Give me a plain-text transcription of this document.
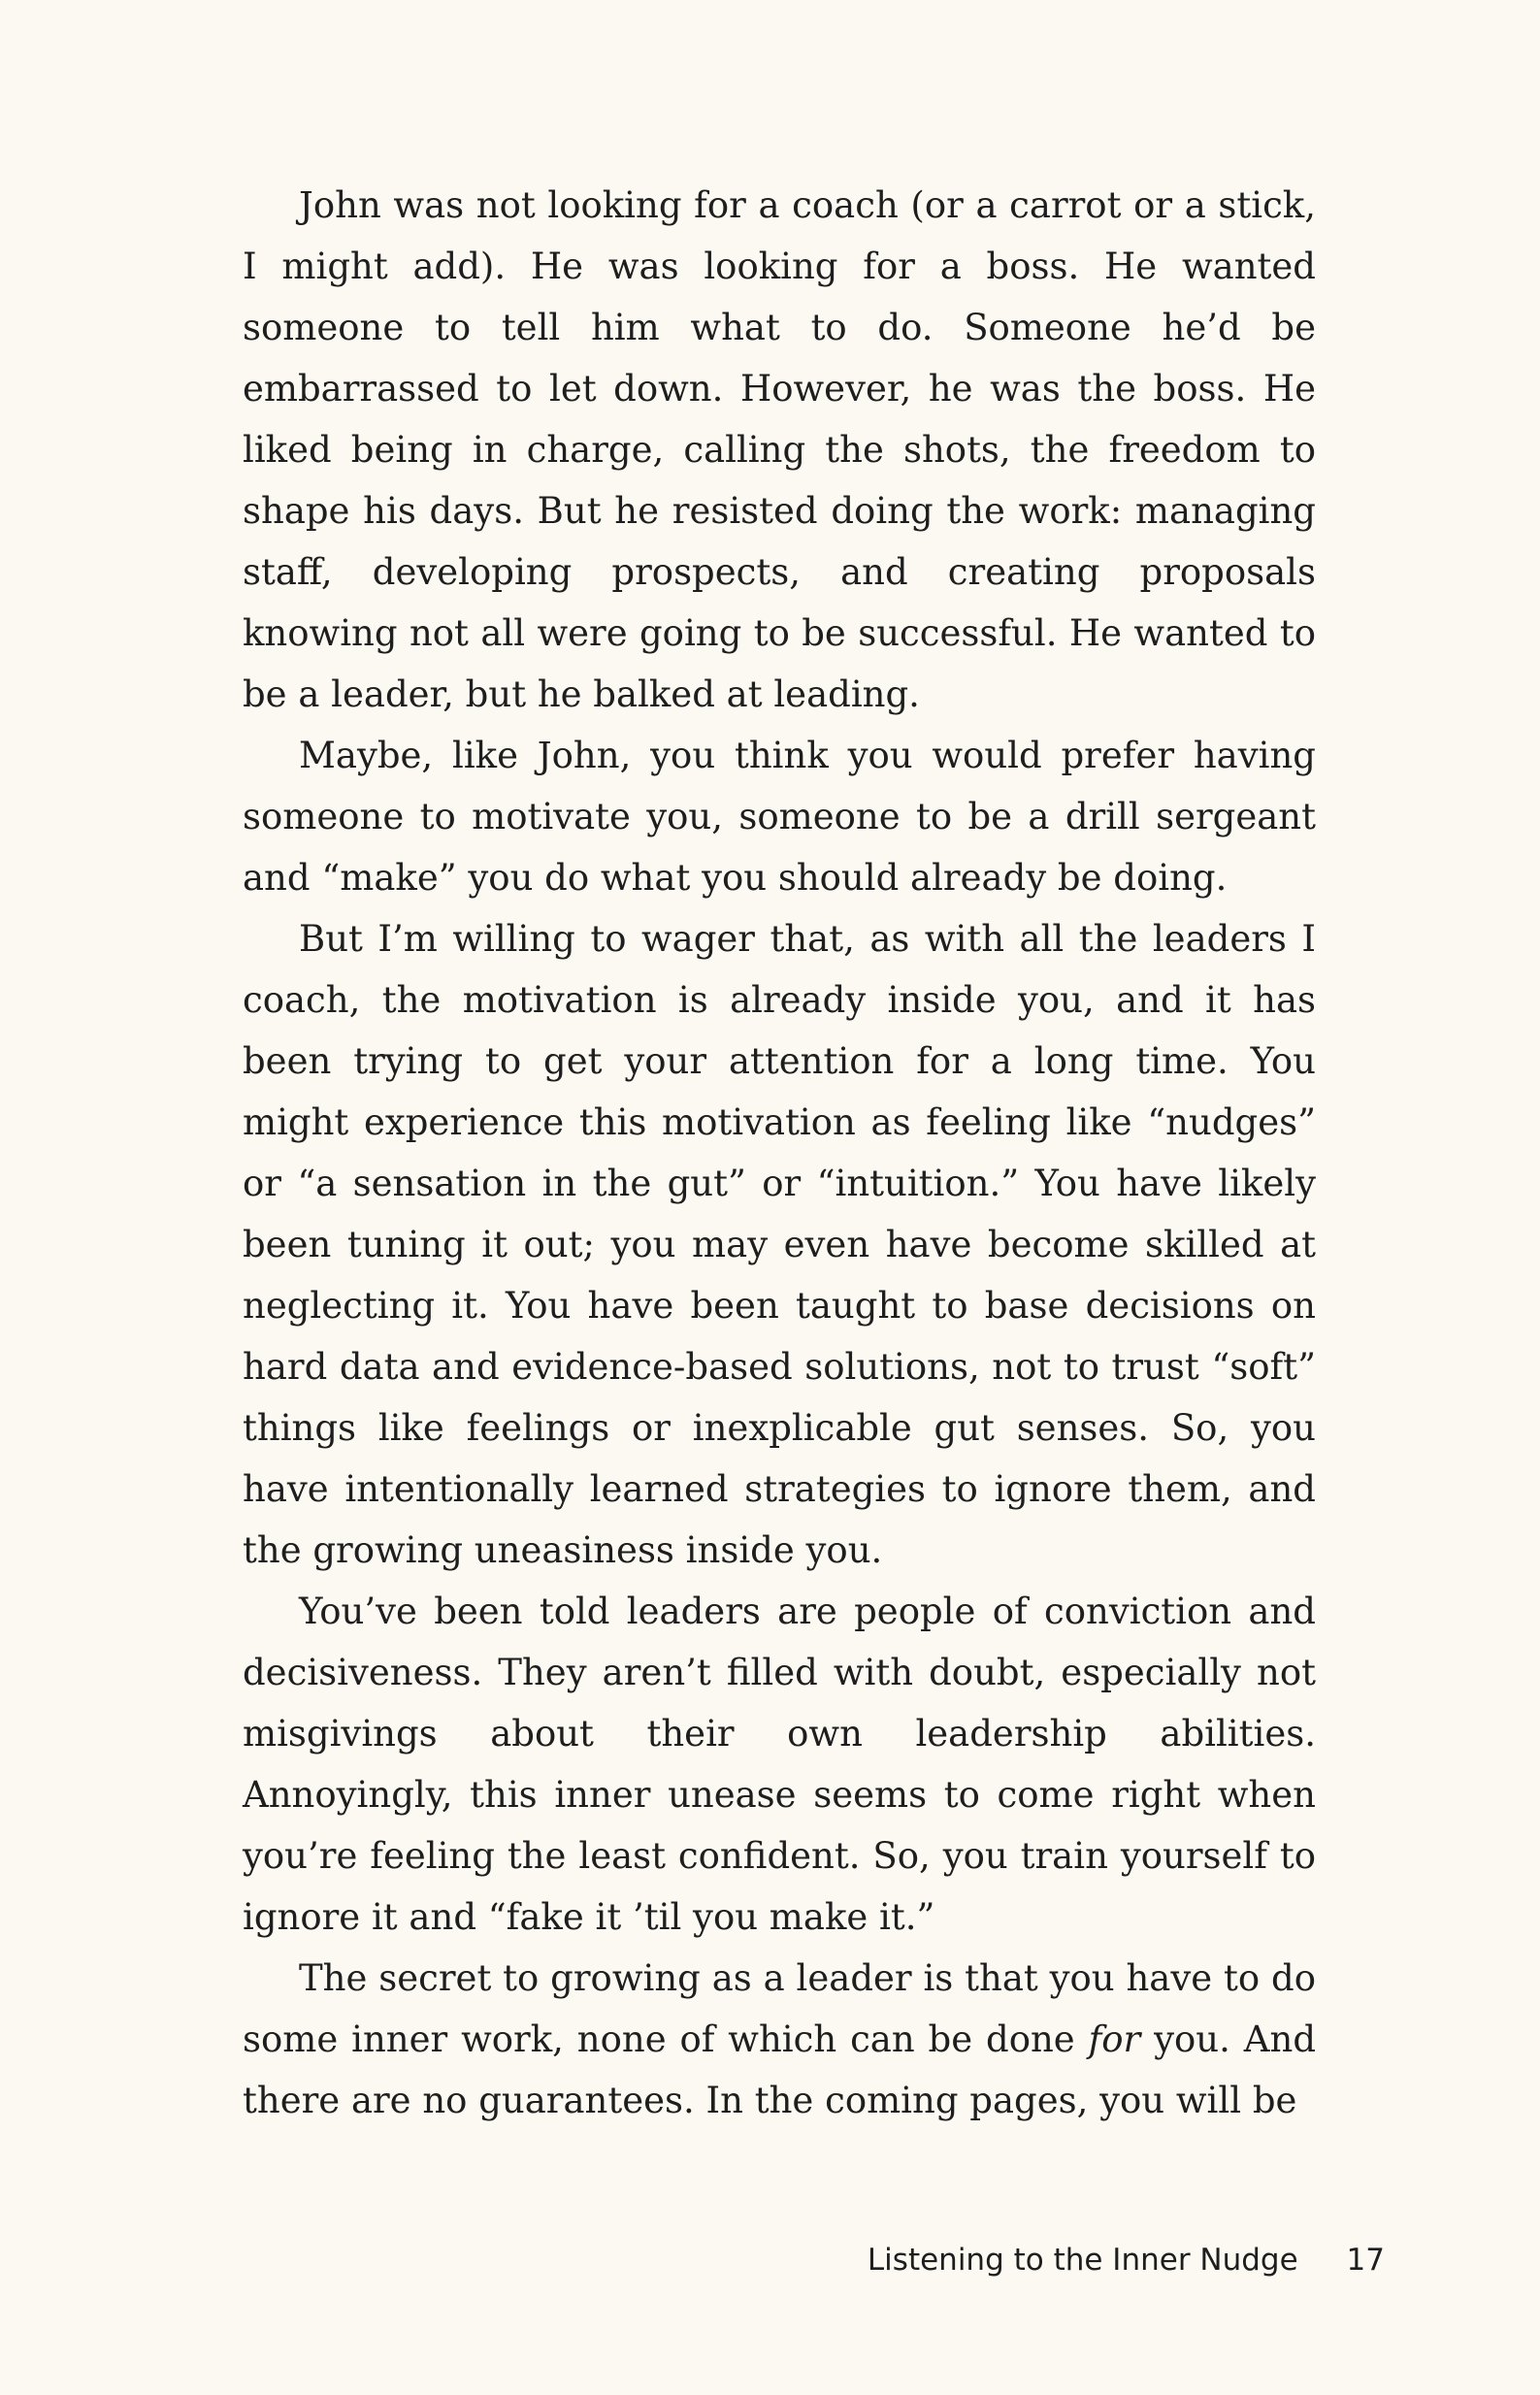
John was not looking for a coach (or a carrot or a stick, I might add). He was looking for a boss. He wanted someone to tell him what to do. Someone he’d be embarrassed to let down. However, he was the boss. He liked being in charge, calling the shots, the freedom to shape his days. But he resisted doing the work: managing staff, developing prospects, and creating proposals knowing not all were going to be successful. He wanted to be a leader, but he balked at leading.

Maybe, like John, you think you would prefer having someone to motivate you, someone to be a drill sergeant and “make” you do what you should already be doing.

But I’m willing to wager that, as with all the leaders I coach, the motivation is already inside you, and it has been trying to get your attention for a long time. You might experience this motivation as feeling like “nudges” or “a sensation in the gut” or “intuition.” You have likely been tuning it out; you may even have become skilled at neglecting it. You have been taught to base decisions on hard data and evidence-based solutions, not to trust “soft” things like feelings or inexplicable gut senses. So, you have intentionally learned strategies to ignore them, and the growing uneasiness inside you.

You’ve been told leaders are people of conviction and decisiveness. They aren’t filled with doubt, especially not misgivings about their own leadership abilities. Annoyingly, this inner unease seems to come right when you’re feeling the least confident. So, you train yourself to ignore it and “fake it ’til you make it.”

The secret to growing as a leader is that you have to do some inner work, none of which can be done for you. And there are no guarantees. In the coming pages, you will be

Listening to the Inner Nudge 17
